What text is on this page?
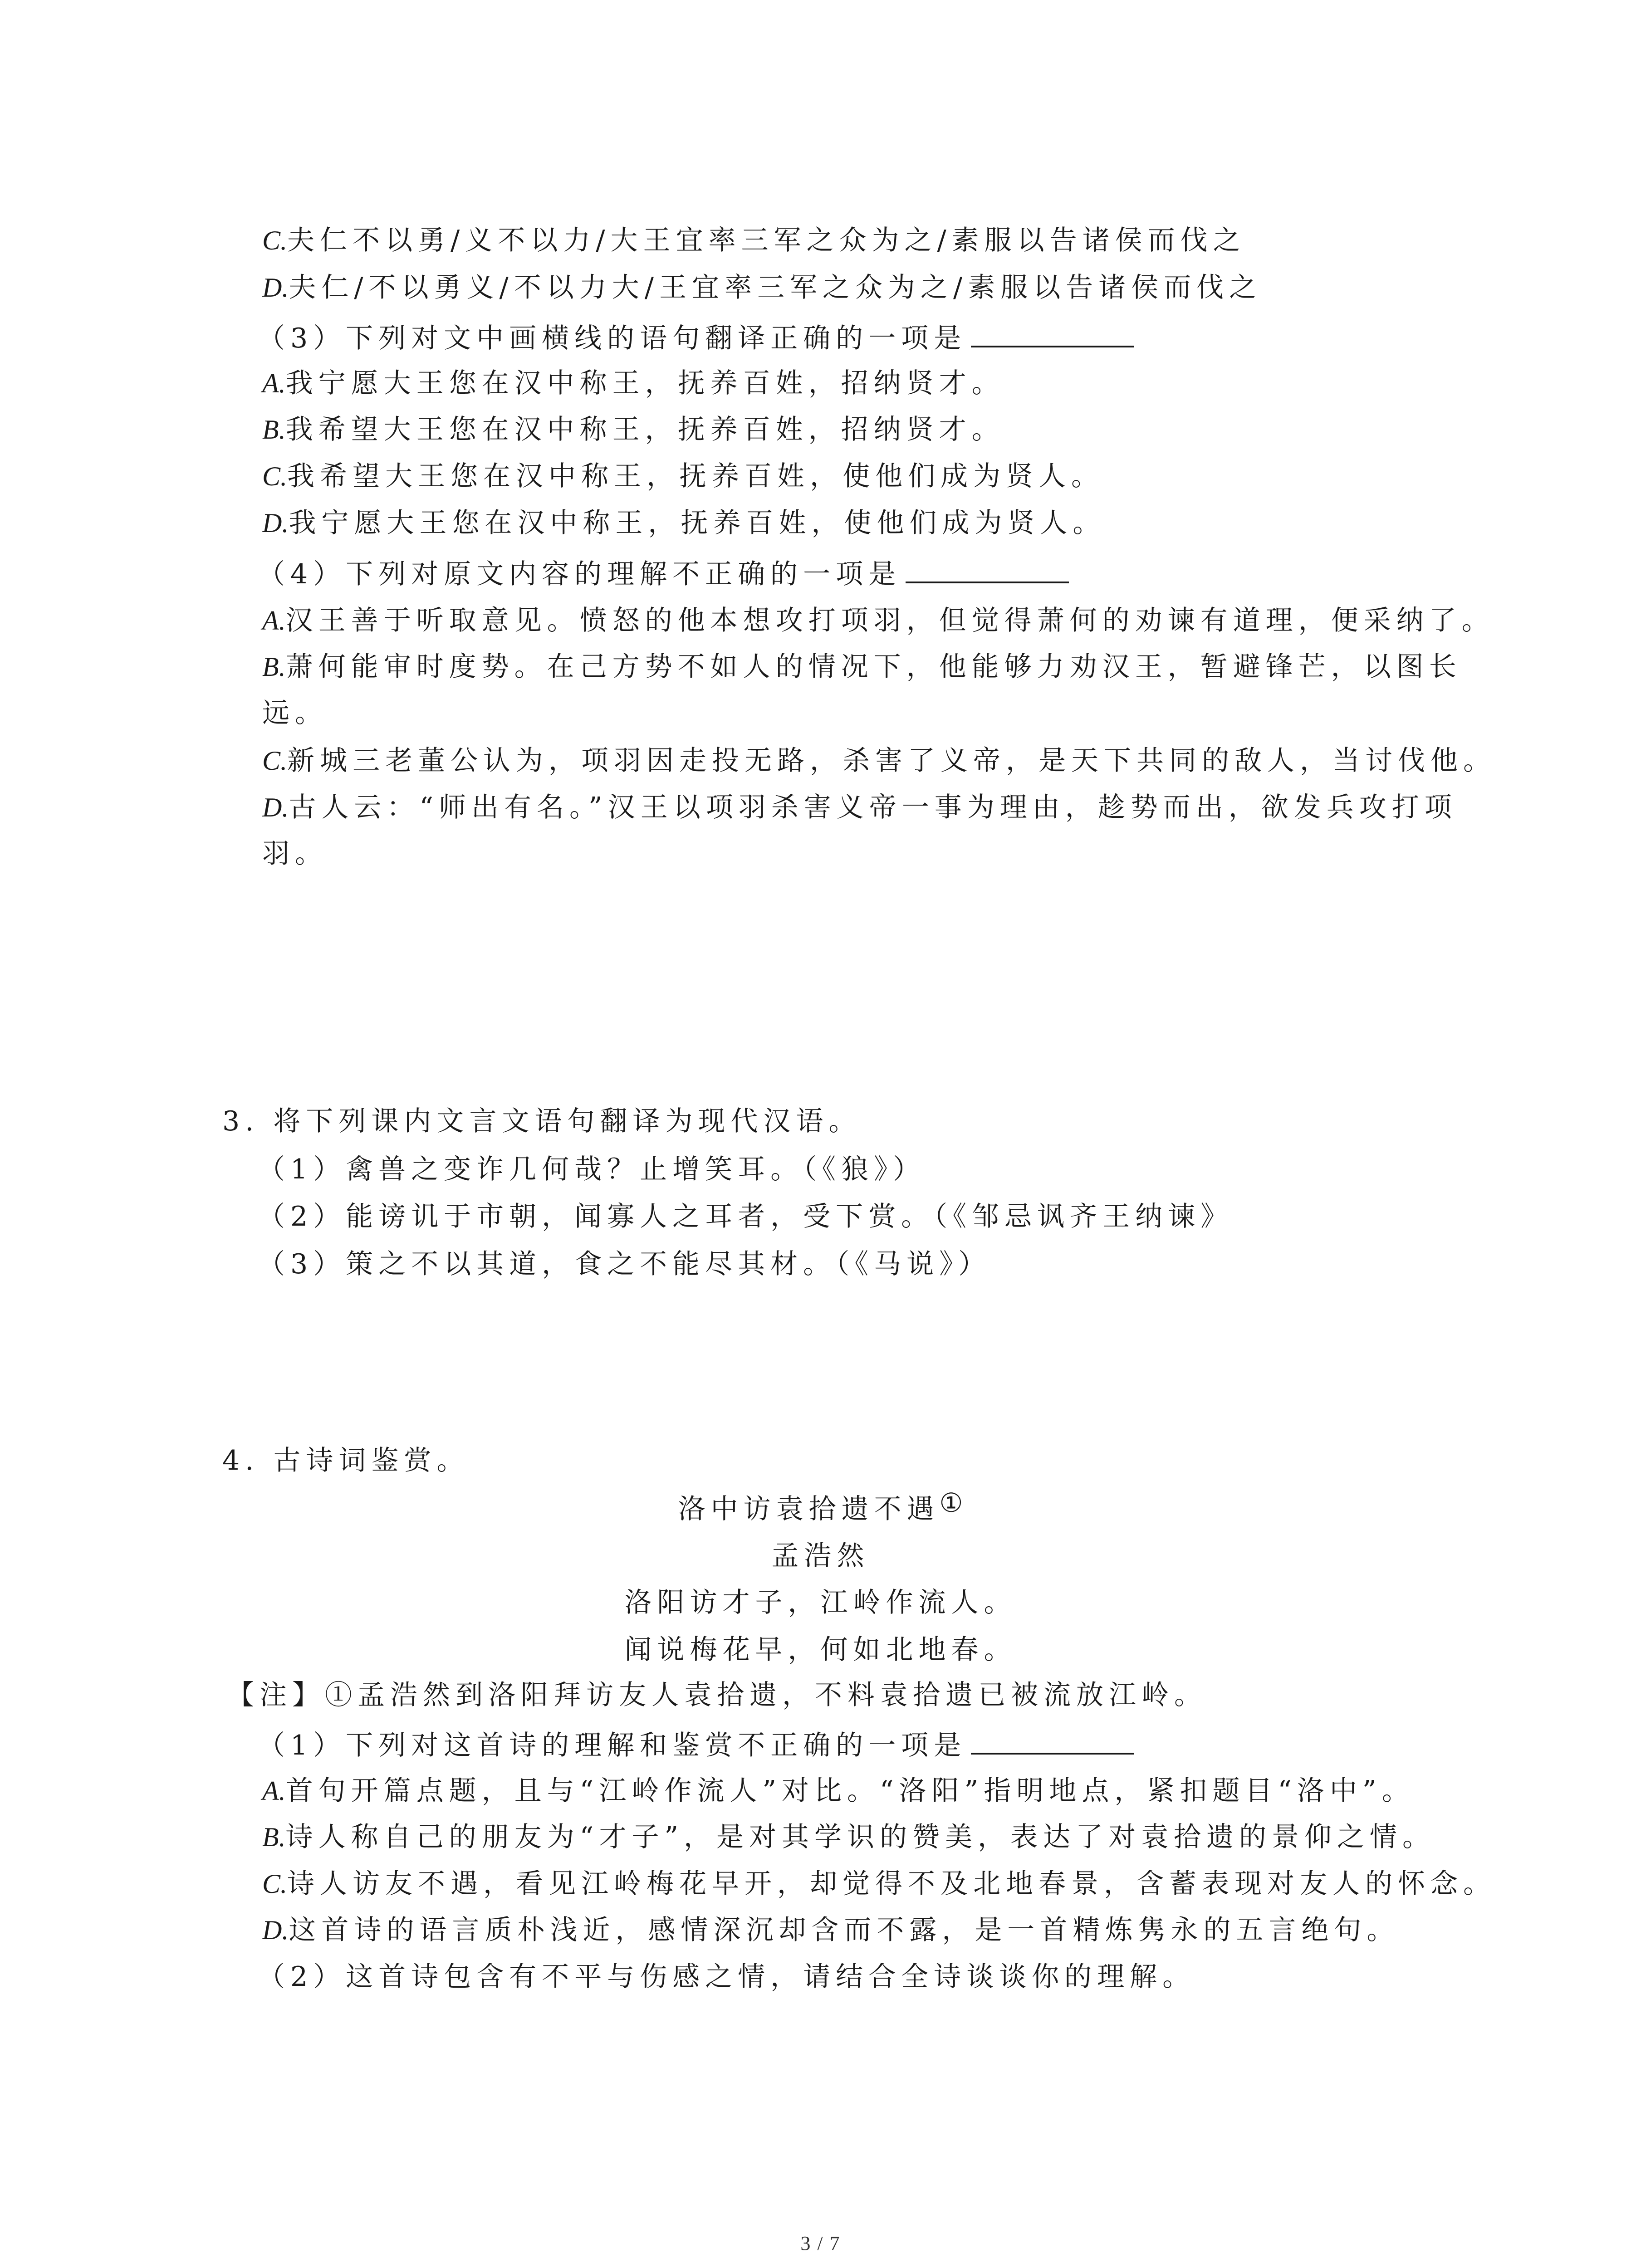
C.夫仁不以勇/义不以力/大王宜率三军之众为之/素服以告诸侯而伐之
D.夫仁/不以勇义/不以力大/王宜率三军之众为之/素服以告诸侯而伐之
（3）下列对文中画横线的语句翻译正确的一项是
A.我宁愿大王您在汉中称王，抚养百姓，招纳贤才。
B.我希望大王您在汉中称王，抚养百姓，招纳贤才。
C.我希望大王您在汉中称王，抚养百姓，使他们成为贤人。
D.我宁愿大王您在汉中称王，抚养百姓，使他们成为贤人。
（4）下列对原文内容的理解不正确的一项是
A.汉王善于听取意见。愤怒的他本想攻打项羽，但觉得萧何的劝谏有道理，便采纳了。
B.萧何能审时度势。在己方势不如人的情况下，他能够力劝汉王，暂避锋芒，以图长
远。
C.新城三老董公认为，项羽因走投无路，杀害了义帝，是天下共同的敌人，当讨伐他。
D.古人云：“师出有名。”汉王以项羽杀害义帝一事为理由，趁势而出，欲发兵攻打项
羽。
3. 将下列课内文言文语句翻译为现代汉语。
（1）禽兽之变诈几何哉？止增笑耳。（《狼》）
（2）能谤讥于市朝，闻寡人之耳者，受下赏。（《邹忌讽齐王纳谏》
（3）策之不以其道，食之不能尽其材。（《马说》）
4. 古诗词鉴赏。
洛中访袁拾遗不遇①
孟浩然
洛阳访才子，江岭作流人。
闻说梅花早，何如北地春。
【注】①孟浩然到洛阳拜访友人袁拾遗，不料袁拾遗已被流放江岭。
（1）下列对这首诗的理解和鉴赏不正确的一项是
A.首句开篇点题，且与“江岭作流人”对比。“洛阳”指明地点，紧扣题目“洛中”。
B.诗人称自己的朋友为“才子”，是对其学识的赞美，表达了对袁拾遗的景仰之情。
C.诗人访友不遇，看见江岭梅花早开，却觉得不及北地春景，含蓄表现对友人的怀念。
D.这首诗的语言质朴浅近，感情深沉却含而不露，是一首精炼隽永的五言绝句。
（2）这首诗包含有不平与伤感之情，请结合全诗谈谈你的理解。
3 / 7
